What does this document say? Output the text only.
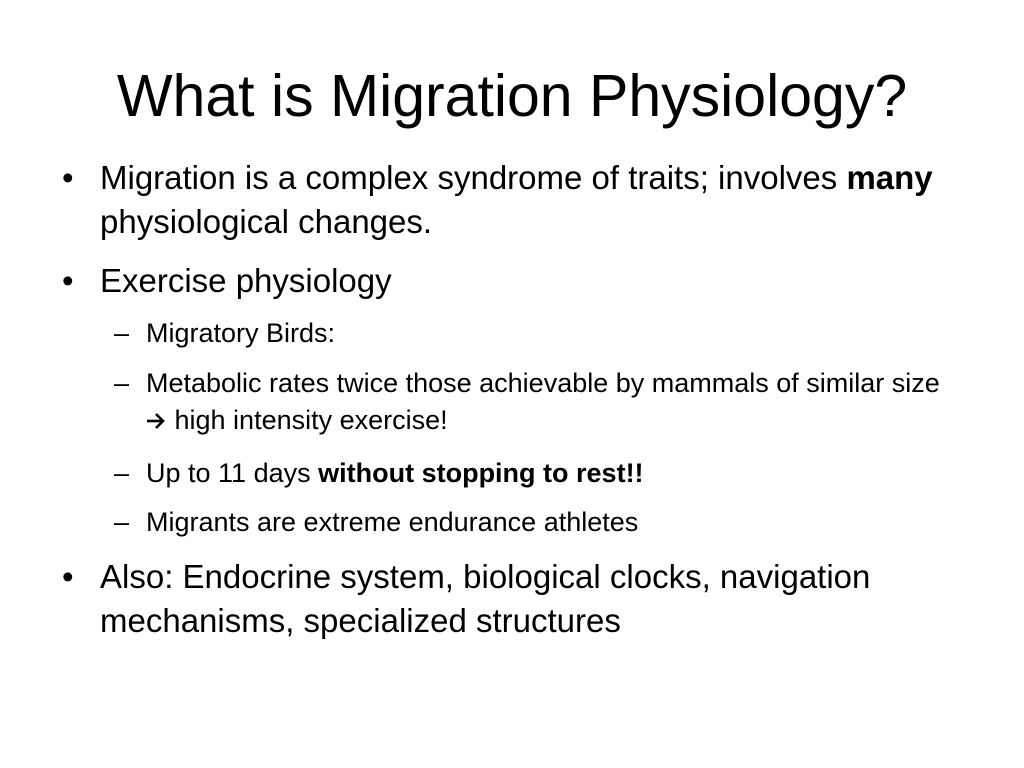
What is Migration Physiology?
• Migration is a complex syndrome of traits; involves many physiological changes.
• Exercise physiology
– Migratory Birds:
– Metabolic rates twice those achievable by mammals of similar size high intensity exercise!
– Up to 11 days without stopping to rest!!
– Migrants are extreme endurance athletes
• Also: Endocrine system, biological clocks, navigation mechanisms, specialized structures
